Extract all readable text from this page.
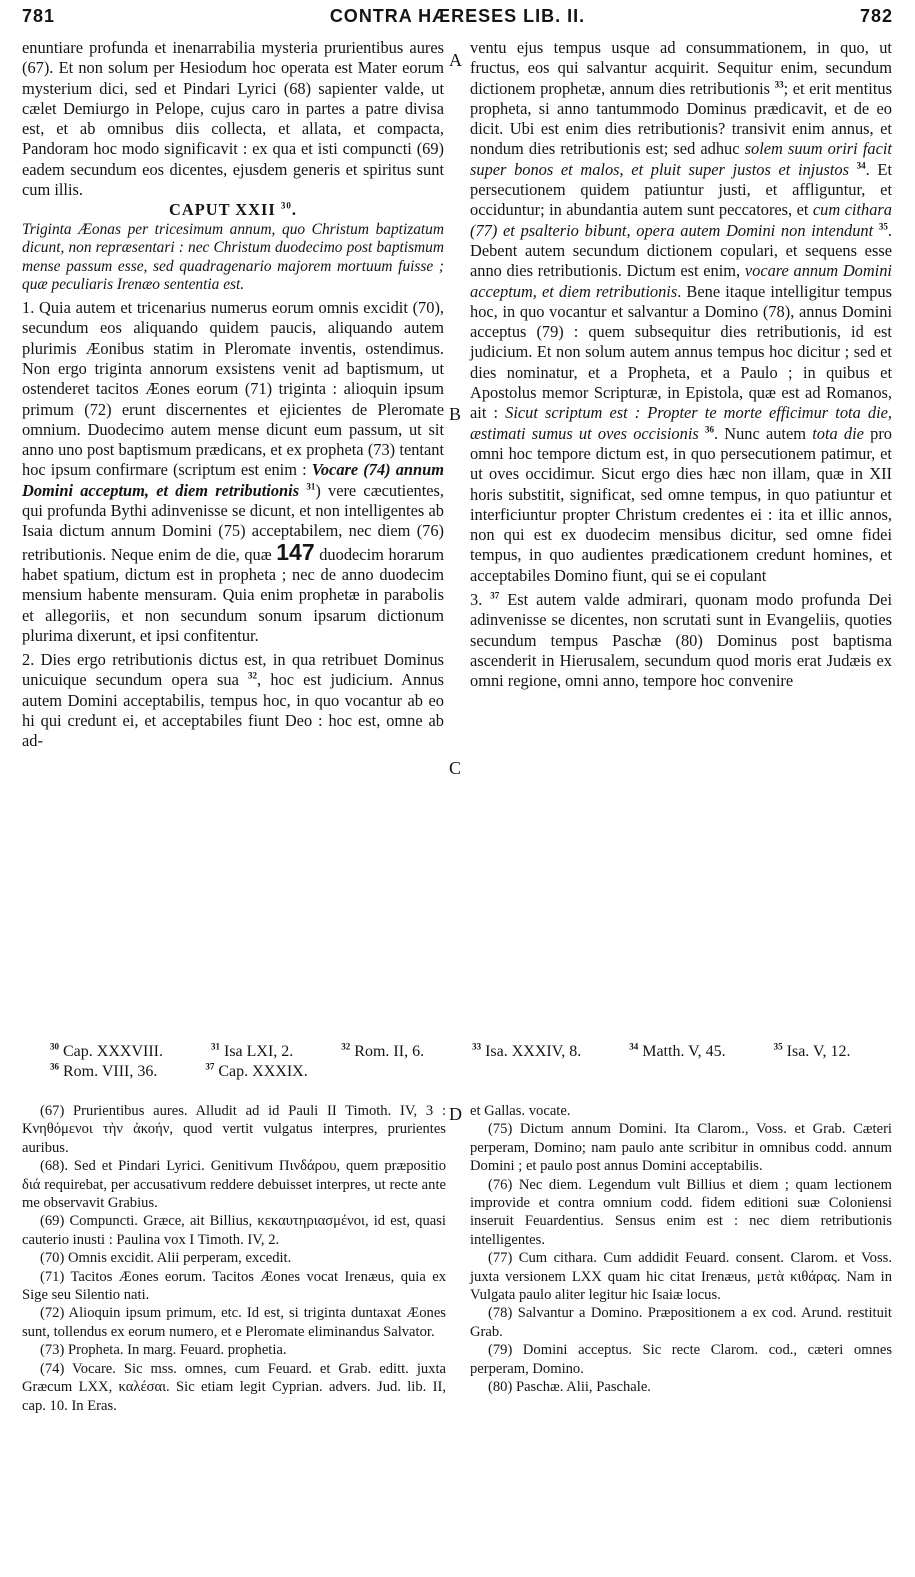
781	CONTRA HÆRESES LIB. II.	782
A
B
C
D

enuntiare profunda et inenarrabilia mysteria prurientibus aures (67). Et non solum per Hesiodum hoc operata est Mater eorum mysterium dici, sed et Pindari Lyrici (68) sapienter valde, ut cælet Demiurgo in Pelope, cujus caro in partes a patre divisa est, et ab omnibus diis collecta, et allata, et compacta, Pandoram hoc modo significavit : ex qua et isti compuncti (69) eadem secundum eos dicentes, ejusdem generis et spiritus sunt cum illis.

CAPUT XXII $^{30}$.

Triginta Æonas per tricesimum annum, quo Christum baptizatum dicunt, non repræsentari : nec Christum duodecimo post baptismum mense passum esse, sed quadragenario majorem mortuum fuisse ; quæ peculiaris Irenæo sententia est.

1. Quia autem et tricenarius numerus eorum omnis excidit (70), secundum eos aliquando quidem paucis, aliquando autem plurimis Æonibus statim in Pleromate inventis, ostendimus. Non ergo triginta annorum exsistens venit ad baptismum, ut ostenderet tacitos Æones eorum (71) triginta : alioquin ipsum primum (72) erunt discernentes et ejicientes de Pleromate omnium. Duodecimo autem mense dicunt eum passum, ut sit anno uno post baptismum prædicans, et ex propheta (73) tentant hoc ipsum confirmare (scriptum est enim : Vocare (74) annum Domini acceptum, et diem retributionis $^{31}$) vere cæcutientes, qui profunda Bythi adinvenisse se dicunt, et non intelligentes ab Isaia dictum annum Domini (75) acceptabilem, nec diem (76) retributionis. Neque enim de die, quæ 147 duodecim horarum habet spatium, dictum est in propheta ; nec de anno duodecim mensium habente mensuram. Quia enim prophetæ in parabolis et allegoriis, et non secundum sonum ipsarum dictionum plurima dixerunt, et ipsi confitentur.

2. Dies ergo retributionis dictus est, in qua retribuet Dominus unicuique secundum opera sua $^{32}$, hoc est judicium. Annus autem Domini acceptabilis, tempus hoc, in quo vocantur ab eo hi qui credunt ei, et acceptabiles fiunt Deo : hoc est, omne ab ad-

ventu ejus tempus usque ad consummationem, in quo, ut fructus, eos qui salvantur acquirit. Sequitur enim, secundum dictionem prophetæ, annum dies retributionis $^{33}$; et erit mentitus propheta, si anno tantummodo Dominus prædicavit, et de eo dicit. Ubi est enim dies retributionis? transivit enim annus, et nondum dies retributionis est; sed adhuc solem suum oriri facit super bonos et malos, et pluit super justos et injustos $^{34}$. Et persecutionem quidem patiuntur justi, et affliguntur, et occiduntur; in abundantia autem sunt peccatores, et cum cithara (77) et psalterio bibunt, opera autem Domini non intendunt $^{35}$. Debent autem secundum dictionem copulari, et sequens esse anno dies retributionis. Dictum est enim, vocare annum Domini acceptum, et diem retributionis. Bene itaque intelligitur tempus hoc, in quo vocantur et salvantur a Domino (78), annus Domini acceptus (79) : quem subsequitur dies retributionis, id est judicium. Et non solum autem annus tempus hoc dicitur ; sed et dies nominatur, et a Propheta, et a Paulo ; in quibus et Apostolus memor Scripturæ, in Epistola, quæ est ad Romanos, ait : Sicut scriptum est : Propter te morte efficimur tota die, æstimati sumus ut oves occisionis $^{36}$. Nunc autem tota die pro omni hoc tempore dictum est, in quo persecutionem patimur, et ut oves occidimur. Sicut ergo dies hæc non illam, quæ in XII horis substitit, significat, sed omne tempus, in quo patiuntur et interficiuntur propter Christum credentes ei : ita et illic annos, non qui est ex duodecim mensibus dicitur, sed omne fidei tempus, in quo audientes prædicationem credunt homines, et acceptabiles Domino fiunt, qui se ei copulant

3. $^{37}$ Est autem valde admirari, quonam modo profunda Dei adinvenisse se dicentes, non scrutati sunt in Evangeliis, quoties secundum tempus Paschæ (80) Dominus post baptisma ascenderit in Hierusalem, secundum quod moris erat Judæis ex omni regione, omni anno, tempore hoc convenire

$^{30}$ Cap. XXXVIII.	$^{31}$ Isa LXI, 2.	$^{32}$ Rom. II, 6.	$^{33}$ Isa. XXXIV, 8.	$^{34}$ Matth. V, 45.	$^{35}$ Isa. V, 12.
$^{36}$ Rom. VIII, 36.	$^{37}$ Cap. XXXIX.

(67) Prurientibus aures. Alludit ad id Pauli II Timoth. IV, 3 : Κνηθόμενοι τὴν ἀκοήν, quod vertit vulgatus interpres, prurientes auribus.

(68). Sed et Pindari Lyrici. Genitivum Πινδάρου, quem præpositio διά requirebat, per accusativum reddere debuisset interpres, ut recte ante me observavit Grabius.

(69) Compuncti. Græce, ait Billius, κεκαυτηριασμένοι, id est, quasi cauterio inusti : Paulina vox I Timoth. IV, 2.

(70) Omnis excidit. Alii perperam, excedit.

(71) Tacitos Æones eorum. Tacitos Æones vocat Irenæus, quia ex Sige seu Silentio nati.

(72) Alioquin ipsum primum, etc. Id est, si triginta duntaxat Æones sunt, tollendus ex eorum numero, et e Pleromate eliminandus Salvator.

(73) Propheta. In marg. Feuard. prophetia.

(74) Vocare. Sic mss. omnes, cum Feuard. et Grab. editt. juxta Græcum LXX, καλέσαι. Sic etiam legit Cyprian. advers. Jud. lib. II, cap. 10. In Eras.

et Gallas. vocate.

(75) Dictum annum Domini. Ita Clarom., Voss. et Grab. Cæteri perperam, Domino; nam paulo ante scribitur in omnibus codd. annum Domini ; et paulo post annus Domini acceptabilis.

(76) Nec diem. Legendum vult Billius et diem ; quam lectionem improvide et contra omnium codd. fidem editioni suæ Coloniensi inseruit Feuardentius. Sensus enim est : nec diem retributionis intelligentes.

(77) Cum cithara. Cum addidit Feuard. consent. Clarom. et Voss. juxta versionem LXX quam hic citat Irenæus, μετὰ κιθάρας. Nam in Vulgata paulo aliter legitur hic Isaiæ locus.

(78) Salvantur a Domino. Præpositionem a ex cod. Arund. restituit Grab.

(79) Domini acceptus. Sic recte Clarom. cod., cæteri omnes perperam, Domino.

(80) Paschæ. Alii, Paschale.
